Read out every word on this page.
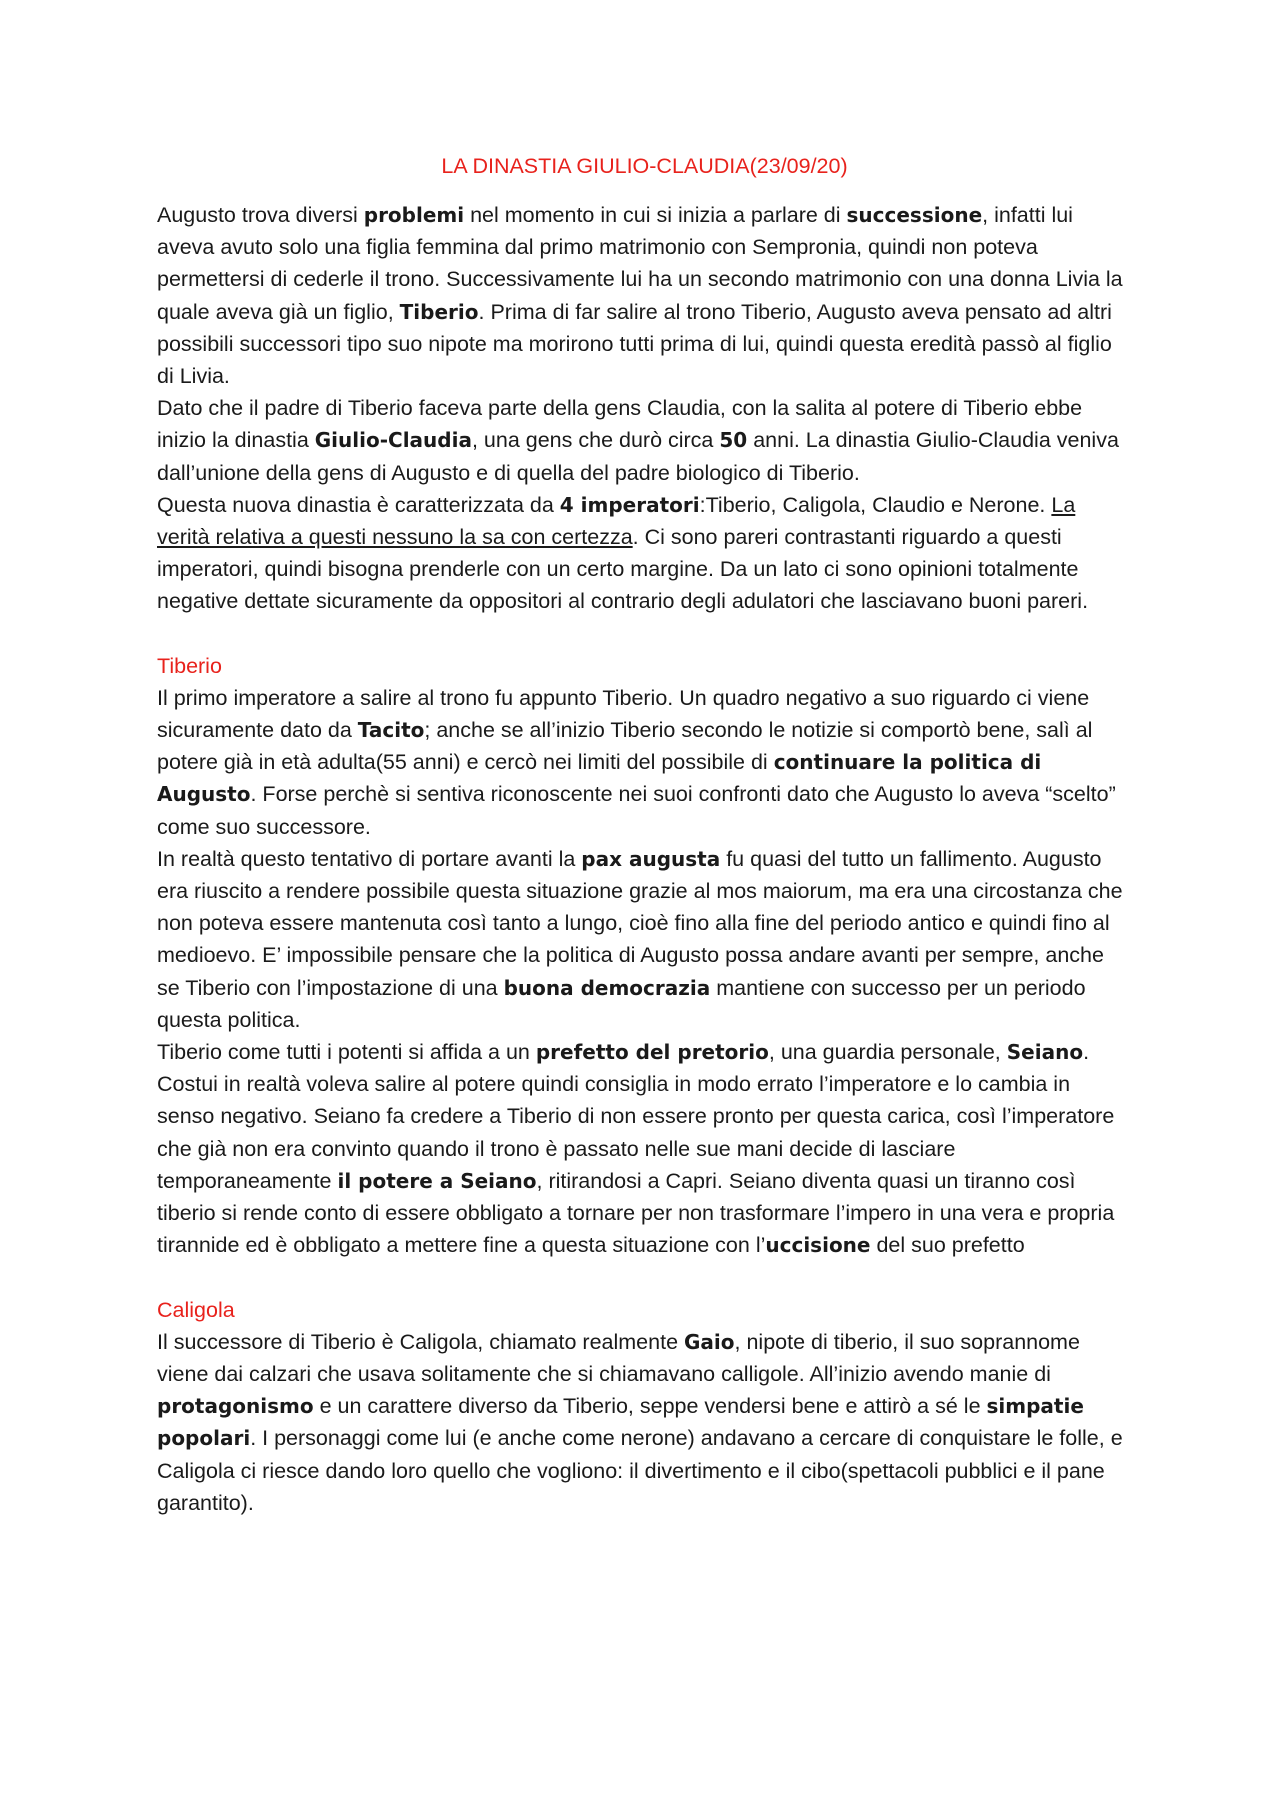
LA DINASTIA GIULIO-CLAUDIA(23/09/20)

Augusto trova diversi problemi nel momento in cui si inizia a parlare di successione, infatti lui aveva avuto solo una figlia femmina dal primo matrimonio con Sempronia, quindi non poteva permettersi di cederle il trono. Successivamente lui ha un secondo matrimonio con una donna Livia la quale aveva già un figlio, Tiberio. Prima di far salire al trono Tiberio, Augusto aveva pensato ad altri possibili successori tipo suo nipote ma morirono tutti prima di lui, quindi questa eredità passò al figlio di Livia.

Dato che il padre di Tiberio faceva parte della gens Claudia, con la salita al potere di Tiberio ebbe inizio la dinastia Giulio-Claudia, una gens che durò circa 50 anni. La dinastia Giulio-Claudia veniva dall’unione della gens di Augusto e di quella del padre biologico di Tiberio.

Questa nuova dinastia è caratterizzata da 4 imperatori:Tiberio, Caligola, Claudio e Nerone. La verità relativa a questi nessuno la sa con certezza. Ci sono pareri contrastanti riguardo a questi imperatori, quindi bisogna prenderle con un certo margine. Da un lato ci sono opinioni totalmente negative dettate sicuramente da oppositori al contrario degli adulatori che lasciavano buoni pareri.

Tiberio

Il primo imperatore a salire al trono fu appunto Tiberio. Un quadro negativo a suo riguardo ci viene sicuramente dato da Tacito; anche se all’inizio Tiberio secondo le notizie si comportò bene, salì al potere già in età adulta(55 anni) e cercò nei limiti del possibile di continuare la politica di Augusto. Forse perchè si sentiva riconoscente nei suoi confronti dato che Augusto lo aveva “scelto” come suo successore.

In realtà questo tentativo di portare avanti la pax augusta fu quasi del tutto un fallimento. Augusto era riuscito a rendere possibile questa situazione grazie al mos maiorum, ma era una circostanza che non poteva essere mantenuta così tanto a lungo, cioè fino alla fine del periodo antico e quindi fino al medioevo. E’ impossibile pensare che la politica di Augusto possa andare avanti per sempre, anche se Tiberio con l’impostazione di una buona democrazia mantiene con successo per un periodo questa politica.

Tiberio come tutti i potenti si affida a un prefetto del pretorio, una guardia personale, Seiano. Costui in realtà voleva salire al potere quindi consiglia in modo errato l’imperatore e lo cambia in senso negativo. Seiano fa credere a Tiberio di non essere pronto per questa carica, così l’imperatore che già non era convinto quando il trono è passato nelle sue mani decide di lasciare temporaneamente il potere a Seiano, ritirandosi a Capri. Seiano diventa quasi un tiranno così tiberio si rende conto di essere obbligato a tornare per non trasformare l’impero in una vera e propria tirannide ed è obbligato a mettere fine a questa situazione con l’uccisione del suo prefetto

Caligola

Il successore di Tiberio è Caligola, chiamato realmente Gaio, nipote di tiberio, il suo soprannome viene dai calzari che usava solitamente che si chiamavano calligole. All’inizio avendo manie di protagonismo e un carattere diverso da Tiberio, seppe vendersi bene e attirò a sé le simpatie popolari. I personaggi come lui (e anche come nerone) andavano a cercare di conquistare le folle, e Caligola ci riesce dando loro quello che vogliono: il divertimento e il cibo(spettacoli pubblici e il pane garantito).
